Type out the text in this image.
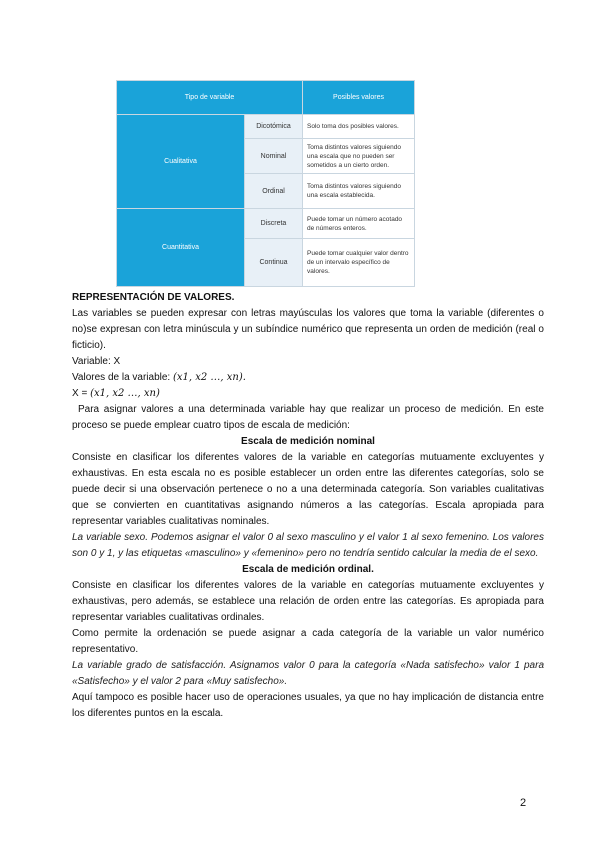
Tipo de variable		Posibles valores
Cualitativa	Dicotómica	Solo toma dos posibles valores.
	Nominal	Toma distintos valores siguiendo una escala que no pueden ser sometidos a un cierto orden.
	Ordinal	Toma distintos valores siguiendo una escala establecida.
Cuantitativa	Discreta	Puede tomar un número acotado de números enteros.
	Continua	Puede tomar cualquier valor dentro de un intervalo específico de valores.

REPRESENTACIÓN DE VALORES.

Las variables se pueden expresar con letras mayúsculas los valores que toma la variable (diferentes o no)se expresan con letra minúscula y un subíndice numérico que representa un orden de medición (real o ficticio).

Variable: X

Valores de la variable: (x1, x2 …, xn).

X = (x1, x2 …, xn)

Para asignar valores a una determinada variable hay que realizar un proceso de medición. En este proceso se puede emplear cuatro tipos de escala de medición:

Escala de medición nominal

Consiste en clasificar los diferentes valores de la variable en categorías mutuamente excluyentes y exhaustivas. En esta escala no es posible establecer un orden entre las diferentes categorías, solo se puede decir si una observación pertenece o no a una determinada categoría. Son variables cualitativas que se convierten en cuantitativas asignando números a las categorías. Escala apropiada para representar variables cualitativas nominales.

La variable sexo. Podemos asignar el valor 0 al sexo masculino y el valor 1 al sexo femenino. Los valores son 0 y 1, y las etiquetas «masculino» y «femenino» pero no tendría sentido calcular la media de el sexo.

Escala de medición ordinal.

Consiste en clasificar los diferentes valores de la variable en categorías mutuamente excluyentes y exhaustivas, pero además, se establece una relación de orden entre las categorías. Es apropiada para representar variables cualitativas ordinales.

Como permite la ordenación se puede asignar a cada categoría de la variable un valor numérico representativo.

La variable grado de satisfacción. Asignamos valor 0 para la categoría «Nada satisfecho» valor 1 para «Satisfecho» y el valor 2 para «Muy satisfecho».

Aquí tampoco es posible hacer uso de operaciones usuales, ya que no hay implicación de distancia entre los diferentes puntos en la escala.

2
